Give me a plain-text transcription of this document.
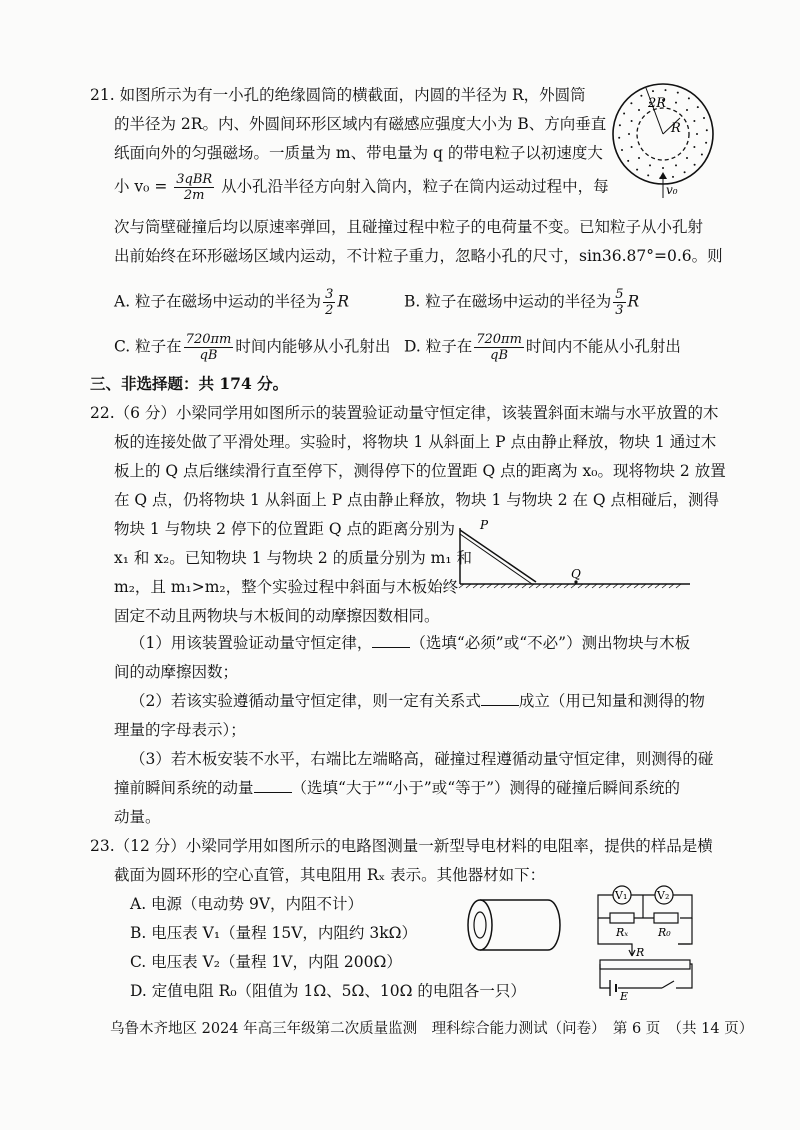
21. 如图所示为有一小孔的绝缘圆筒的横截面，内圆的半径为 R，外圆筒
的半径为 2R。内、外圆间环形区域内有磁感应强度大小为 B、方向垂直
纸面向外的匀强磁场。一质量为 m、带电量为 q 的带电粒子以初速度大
小 $v_0 = \frac{\text{3qBR}}{2m}$ 从小孔沿半径方向射入筒内，粒子在筒内运动过程中，每
次与筒壁碰撞后均以原速率弹回，且碰撞过程中粒子的电荷量不变。已知粒子从小孔射
出前始终在环形磁场区域内运动，不计粒子重力，忽略小孔的尺寸，sin36.87°=0.6。则
A. 粒子在磁场中运动的半径为 $\frac{3}{2}$ R	B. 粒子在磁场中运动的半径为 $\frac{5}{3}$ R
C. 粒子在 $\frac{720\pi m}{qB}$ 时间内能够从小孔射出 D. 粒子在 $\frac{720\pi m}{qB}$ 时间内不能从小孔射出
2R
R
v₀
三、非选择题：共 174 分。
22.（6 分）小梁同学用如图所示的装置验证动量守恒定律，该装置斜面末端与水平放置的木
板的连接处做了平滑处理。实验时，将物块 1 从斜面上 P 点由静止释放，物块 1 通过木
板上的 Q 点后继续滑行直至停下，测得停下的位置距 Q 点的距离为 x₀。现将物块 2 放置
在 Q 点，仍将物块 1 从斜面上 P 点由静止释放，物块 1 与物块 2 在 Q 点相碰后，测得
物块 1 与物块 2 停下的位置距 Q 点的距离分别为
x₁ 和 x₂。已知物块 1 与物块 2 的质量分别为 m₁ 和
m₂，且 m₁>m₂，整个实验过程中斜面与木板始终
固定不动且两物块与木板间的动摩擦因数相同。
P
Q
（1）用该装置验证动量守恒定律， （选填“必须”或“不必”）测出物块与木板
间的动摩擦因数；
（2）若该实验遵循动量守恒定律，则一定有关系式 成立（用已知量和测得的物
理量的字母表示）；
（3）若木板安装不水平，右端比左端略高，碰撞过程遵循动量守恒定律，则测得的碰
撞前瞬间系统的动量 （选填“大于”“小于”或“等于”）测得的碰撞后瞬间系统的
动量。
23.（12 分）小梁同学用如图所示的电路图测量一新型导电材料的电阻率，提供的样品是横
截面为圆环形的空心直管，其电阻用 Rₓ 表示。其他器材如下：
A. 电源（电动势 9V，内阻不计）
B. 电压表 V₁（量程 15V，内阻约 3kΩ）
C. 电压表 V₂（量程 1V，内阻 200Ω）
D. 定值电阻 R₀（阻值为 1Ω、5Ω、10Ω 的电阻各一只）
V₁	V₂
Rₓ	R₀
R
E
乌鲁木齐地区 2024 年高三年级第二次质量监测　理科综合能力测试（问卷）　第 6 页　（共 14 页）
